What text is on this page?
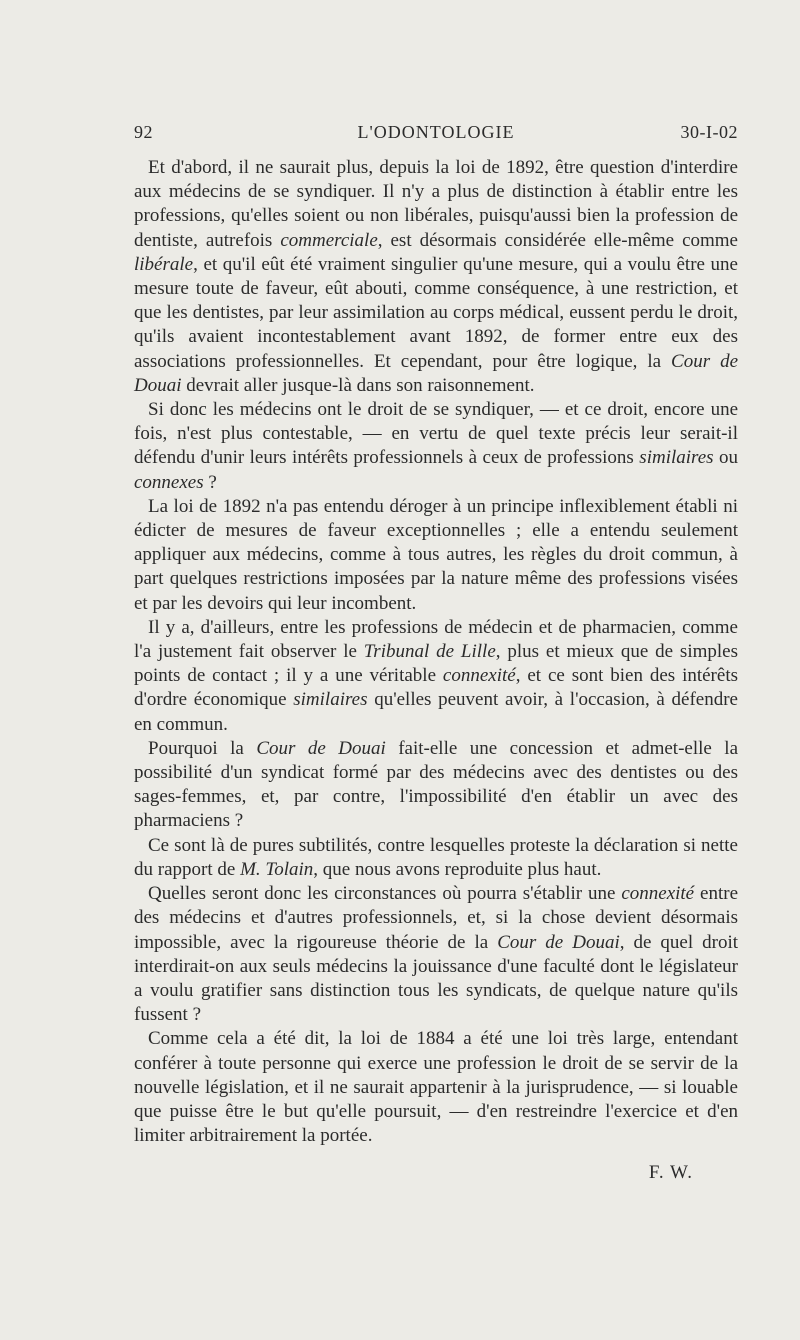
92	L'ODONTOLOGIE	30-I-02

Et d'abord, il ne saurait plus, depuis la loi de 1892, être question d'interdire aux médecins de se syndiquer. Il n'y a plus de distinction à établir entre les professions, qu'elles soient ou non libérales, puisqu'aussi bien la profession de dentiste, autrefois commerciale, est désormais considérée elle-même comme libérale, et qu'il eût été vraiment singulier qu'une mesure, qui a voulu être une mesure toute de faveur, eût abouti, comme conséquence, à une restriction, et que les dentistes, par leur assimilation au corps médical, eussent perdu le droit, qu'ils avaient incontestablement avant 1892, de former entre eux des associations professionnelles. Et cependant, pour être logique, la Cour de Douai devrait aller jusque-là dans son raisonnement.

Si donc les médecins ont le droit de se syndiquer, — et ce droit, encore une fois, n'est plus contestable, — en vertu de quel texte précis leur serait-il défendu d'unir leurs intérêts professionnels à ceux de professions similaires ou connexes ?

La loi de 1892 n'a pas entendu déroger à un principe inflexiblement établi ni édicter de mesures de faveur exceptionnelles ; elle a entendu seulement appliquer aux médecins, comme à tous autres, les règles du droit commun, à part quelques restrictions imposées par la nature même des professions visées et par les devoirs qui leur incombent.

Il y a, d'ailleurs, entre les professions de médecin et de pharmacien, comme l'a justement fait observer le Tribunal de Lille, plus et mieux que de simples points de contact ; il y a une véritable connexité, et ce sont bien des intérêts d'ordre économique similaires qu'elles peuvent avoir, à l'occasion, à défendre en commun.

Pourquoi la Cour de Douai fait-elle une concession et admet-elle la possibilité d'un syndicat formé par des médecins avec des dentistes ou des sages-femmes, et, par contre, l'impossibilité d'en établir un avec des pharmaciens ?

Ce sont là de pures subtilités, contre lesquelles proteste la déclaration si nette du rapport de M. Tolain, que nous avons reproduite plus haut.

Quelles seront donc les circonstances où pourra s'établir une connexité entre des médecins et d'autres professionnels, et, si la chose devient désormais impossible, avec la rigoureuse théorie de la Cour de Douai, de quel droit interdirait-on aux seuls médecins la jouissance d'une faculté dont le législateur a voulu gratifier sans distinction tous les syndicats, de quelque nature qu'ils fussent ?

Comme cela a été dit, la loi de 1884 a été une loi très large, entendant conférer à toute personne qui exerce une profession le droit de se servir de la nouvelle législation, et il ne saurait appartenir à la jurisprudence, — si louable que puisse être le but qu'elle poursuit, — d'en restreindre l'exercice et d'en limiter arbitrairement la portée.

F. W.
